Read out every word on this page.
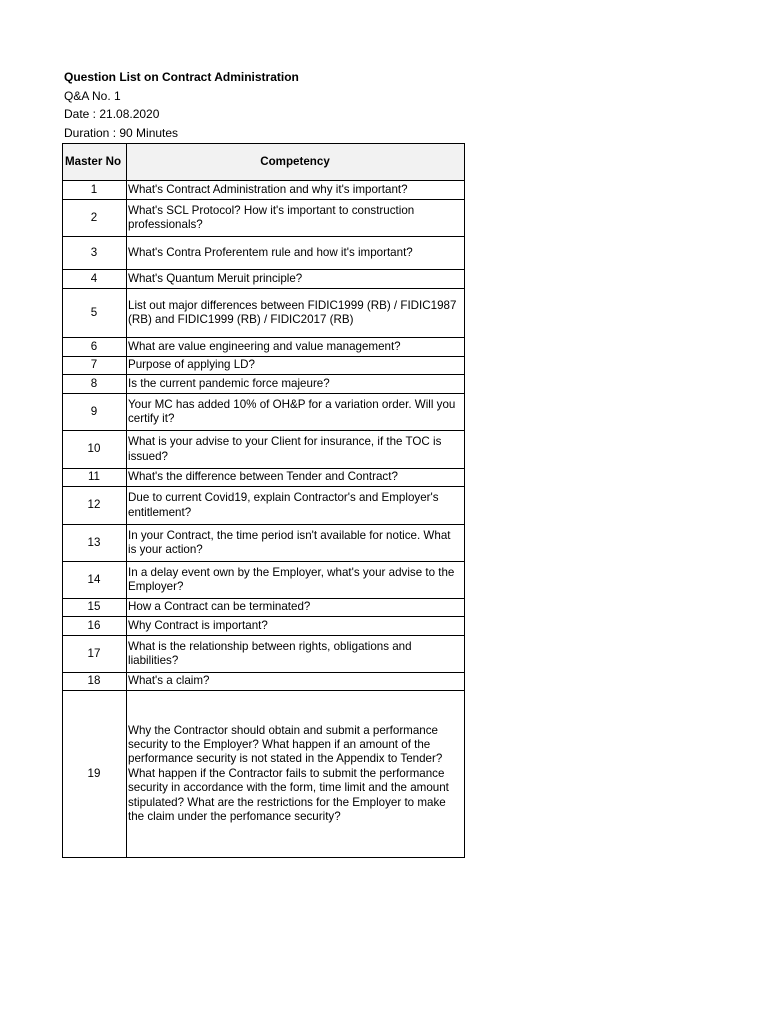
Question List on Contract Administration
Q&A No. 1
Date : 21.08.2020
Duration : 90 Minutes
Master No	Competency
1	What's Contract Administration and why it's important?
2	What's SCL Protocol? How it's important to construction professionals?
3	What's Contra Proferentem rule and how it's important?
4	What's Quantum Meruit principle?
5	List out major differences between FIDIC1999 (RB) / FIDIC1987 (RB) and FIDIC1999 (RB) / FIDIC2017 (RB)
6	What are value engineering and value management?
7	Purpose of applying LD?
8	Is the current pandemic force majeure?
9	Your MC has added 10% of OH&P for a variation order. Will you certify it?
10	What is your advise to your Client for insurance, if the TOC is issued?
11	What's the difference between Tender and Contract?
12	Due to current Covid19, explain Contractor's and Employer's entitlement?
13	In your Contract, the time period isn't available for notice. What is your action?
14	In a delay event own by the Employer, what's your advise to the Employer?
15	How a Contract can be terminated?
16	Why Contract is important?
17	What is the relationship between rights, obligations and liabilities?
18	What's a claim?
19	Why the Contractor should obtain and submit a performance security to the Employer? What happen if an amount of the performance security is not stated in the Appendix to Tender? What happen if the Contractor fails to submit the performance security in accordance with the form, time limit and the amount stipulated? What are the restrictions for the Employer to make the claim under the perfomance security?
